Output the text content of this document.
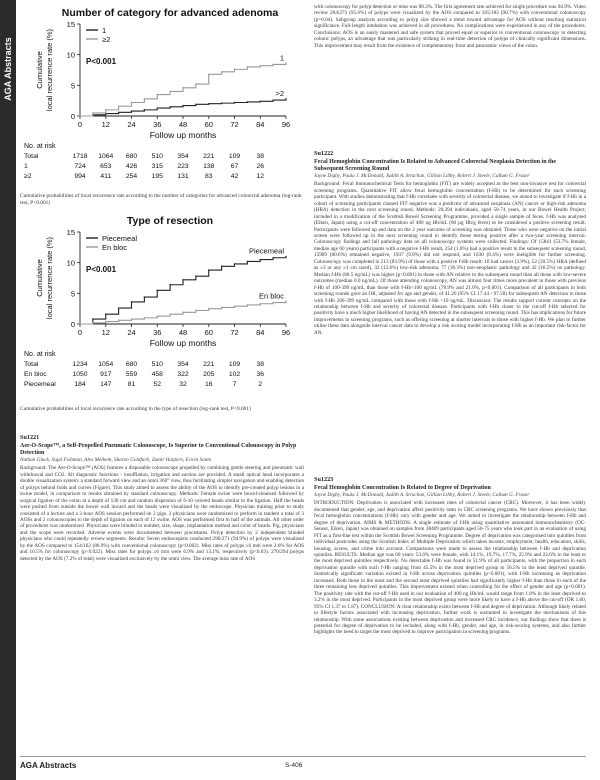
AGA Abstracts
Number of category for advanced adenoma
Cumulative local recurrence rate (%)
0
5
10
15
0	12 24 36 48 60 72 84 96
Follow up months
1
≥2
P<0.001
>2
1
No. at risk
Total	1718 1064 680 510 354 221 109 38
1	724 653 426 315 223 138 67	26
≥2	994 411 254 195 131 83	42	12
Cumulative probabilities of local recurrence rate according to the number of categories for advanced colorectal adenoma (log-rank test, P<0.001)
Type of resection
Cumulative local recurrence rate (%)
0
5
10
15
0	12 24 36 48 60 72 84 96
Follow up months
Piecemeal
En bloc
P<0.001
Piecemeal
En bloc
No. at risk
Total	1234 1054 680 510 354 221 109 38
En bloc	1050 917 559 458 322 205 102 36
Piecemeal	184 147 81	52	32	16	7	2
Cumulative probabilities of local recurrence rate according to the type of resection (log-rank test, P<0.001)
Su1221
Aer-O-Scope™, a Self-Propelled Pneumatic Colonoscope, Is Superior to Conventional Colonoscopy in Polyp Detection
Nathan Gluck, Sigal Fishman, Alex Melhem, Sharon Goldfarb, Zamir Halpern, Erwin Santo
Background: The Aer-O-Scope™ (AOS) features a disposable colonoscope propelled by combining gentle steering and pneumatic wall withdrawal and CO2. All diagnostic functions - insufflation, irrigation and suction are provided. A small optical head incorporates a double visualization system: a standard forward view and an omni 360° view, thus facilitating simpler navigation and enabling detection of polyps behind folds and curves (Figure). This study aimed to assess the ability of the AOS to identify pre-created polyp lesions in a swine model, in comparison to results obtained by standard colonoscopy. Methods: Female swine were bowel-cleansed followed by surgical ligation of the colon at a depth of 130 cm and random dispersion of 6-10 colored beads similar to the ligation. Half the beads were pushed from outside the bowel wall inward and the beads were visualized by the endoscope. Physician training prior to study consisted of a lecture and a 2-hour AOS session performed on 2 pigs. 2 physicians were randomized to perform in tandem a total of 3 AOSs and 2 colonoscopies to the depth of ligation on each of 12 swine. AOS was performed first in half of the animals. All other order of procedures was randomized. Physicians were blinded to number, size, shape, implantation method and color of beads. Pig, physicians and the scope were recorded. Adverse events were documented between procedures. Polyp detection by 2 independent blinded physicians who could repeatedly review segments. Results: Seven endoscopists conducted 290/271 (94.9%) of polyps were visualized by the AOS compared to 154/162 (86.9%) with conventional colonoscopy (p<0.002). Miss rates of polyps ≥6 mm were 2.6% for AOS and 10.5% for colonoscopy (p<0.022). Miss rates for polyps ≥6 mm were 6.9% and 13.1%, respectively (p<0.03). 270/294 polyps detected by the AOS (7.2% of total) were visualized exclusively by the omni view. The average miss rate of AOS
with colonoscopy for polyp detection or miss was 88.3%. The first agreement rate achieved for single procedure was 94.9%. Video review 264/273 (95.6%) of polyps were visualized by the AOS compared to 165/183 (90.7%) with conventional colonoscopy (p=0.04). Subgroup analysis according to polyp size showed a trend toward advantage for AOS without reaching statistical significance. Full-length intubation was achieved in all procedures. No complications were experienced in any of the procedures. Conclusions: AOS is an easily mastered and safe system that proved equal or superior to conventional colonoscopy in detecting colonic polyps, an advantage that was particularly striking in real-time detection of polyps of clinically significant dimensions. This improvement may result from the existence of complementary front and panoramic views of the colon.
Su1222
Fecal Hemoglobin Concentration Is Related to Advanced Colorectal Neoplasia Detection in the Subsequent Screening Round
Jayne Digby, Paula J. McDonald, Judith A. Strachan, Gillian Libby, Robert J. Steele, Callum G. Fraser
Background: Fecal Immunochemical Tests for hemoglobin (FIT) are widely accepted as the best non-invasive test for colorectal screening programs. Quantitative FIT allow fecal hemoglobin concentration (f-Hb) to be determined for each screening participant. With studies demonstrating that f-Hb correlates with severity of colorectal disease, we aimed to investigate if f-Hb in a cohort of screening participants classed FIT negative was a predictor of advanced neoplasia (AN) cancer or high-risk adenoma (HRA) detection in the next screening round. Methods: 20,394 individuals, aged 50-74 years, in our Bowel Health Project, included in a modification of the Scottish Bowel Screening Programme, provided a single sample of feces. f-Hb was analysed (Eiken, Japan) using a cut-off concentration of 400 ng Hb/mL (80 µg Hb/g feces) to be considered a positive screening result. Participants were followed up and data on the 2 year outcome of screening was obtained. Those who were negative on the initial screen were followed up in the next screening round to identify those testing positive after a two-year screening interval. Colonoscopy findings and full pathology data on all colonoscopy systems were collected. Findings: Of 15841 (53.7% female, median age 60 years) participants with a negative f-Hb result, 254 (1.6%) had a positive result in the subsequent screening round, 15909 (80.6%) remained negative, 1937 (9.8%) did not respond, and 1630 (8.4%) were ineligible for further screening. Colonoscopy was completed in 213 (83.9%) of those with a positive f-Hb result: 10 had cancer (3.9%), 52 (20.5%) HRA (defined as ≥3 or any ≥1 cm sized), 32 (12.6%) low-risk adenoma, 77 (30.3%) non-neoplastic pathology and 42 (16.5%) no pathology. Median f-Hb (80.5 ng/mL) was higher (p<0.001) in those with AN relative to the subsequent round than all those with low-severe outcomes (median 0.0 ng/mL). Of those attending colonoscopy, AN was almost four times more prevalent in those with previous f-Hb of 100-399 ng/mL than those with f-Hb<100 ng/mL (78.9% and 21.0%, p<0.001). Comparison of all participants in both screening rounds gave an OR, adjusted for age and gender, of 41.26 (95% CI 17.44 - 97.58) for subsequent AN detection in those with f-Hb 300-399 ng/mL compared with those with f-Hb <10 ng/mL. Discussion: The results support current concepts on the relationship between f-Hb and severity of colorectal disease. Participants with f-Hb closer to the cut-off f-Hb selected for positivity have a much higher likelihood of having AN detected in the subsequent screening round. This has implications for future improvements in screening programs, such as offering screening at shorter intervals to those with higher f-Hb. We plan to further utilise these data alongside interval cancer data to develop a risk scoring model incorporating f-Hb as an important risk-factor for AN.
Su1223
Fecal Hemoglobin Concentration Is Related to Degree of Deprivation
Jayne Digby, Paula J. McDonald, Judith A. Strachan, Gillian Libby, Robert J. Steele, Callum G. Fraser
INTRODUCTION: Deprivation is associated with increased rates of colorectal cancer (CRC). Moreover, it has been widely documented that gender, age, and deprivation affect positivity rates in CRC screening programs. We have shown previously that fecal hemoglobin concentrations (f-Hb) vary with gender and age. We aimed to investigate the relationship between f-Hb and degree of deprivation. AIMS & METHODS: A single estimate of f-Hb using quantitative automated immunochemistry (OC-Sensor, Eiken, Japan) was obtained on samples from 38409 participants aged 50-75 years who took part in an evaluation of using FIT as a first-line test within the Scottish Bowel Screening Programme. Degree of deprivation was categorised into quintiles from individual postcodes using the Scottish Index of Multiple Deprivation which takes income, employment, health, education, skills, housing, access, and crime into account. Comparisons were made to assess the relationship between f-Hb and deprivation quintiles. RESULTS: Median age was 60 years: 53.6% were female, with 14.1%, 19.7%, 17.7%, 25.9% and 22.6% in the least to the most deprived quintiles respectively. No detectable f-Hb was found in 51.9% of all participants, with the proportion in each deprivation quintile with such f-Hb ranging from 45.5% in the most deprived group to 56.5% in the least deprived quintile. Statistically significant variation existed in f-Hb across deprivation quintiles (p<0.001), with f-Hb increasing as deprivation increased. Both those in the most and the second most deprived quintiles had significantly higher f-Hb than those in each of the three remaining less deprived quintiles. This improvement existed when controlling for the effect of gender and age (p<0.001). The positivity rate with the cut-off f-Hb used in our evaluation of 400 ng Hb/mL would range from 1.8% in the least deprived to 3.2% in the most deprived. Participants in the most deprived group were more likely to have a f-Hb above the cut-off (OR 1.60, 95% CI 1.37 to 1.87). CONCLUSION: A clear relationship exists between f-Hb and degree of deprivation. Although likely related to lifestyle factors associated with increasing deprivation, further work is warranted to investigate the mechanisms of this relationship. With some associations existing between deprivation and increased CRC incidence, our findings show that there is potential for degree of deprivation to be included, along with f-Hb, gender, and age, in risk-scoring systems, and also further highlights the need to target the most deprived to improve participation in screening programs.
AGA Abstracts	S-406
